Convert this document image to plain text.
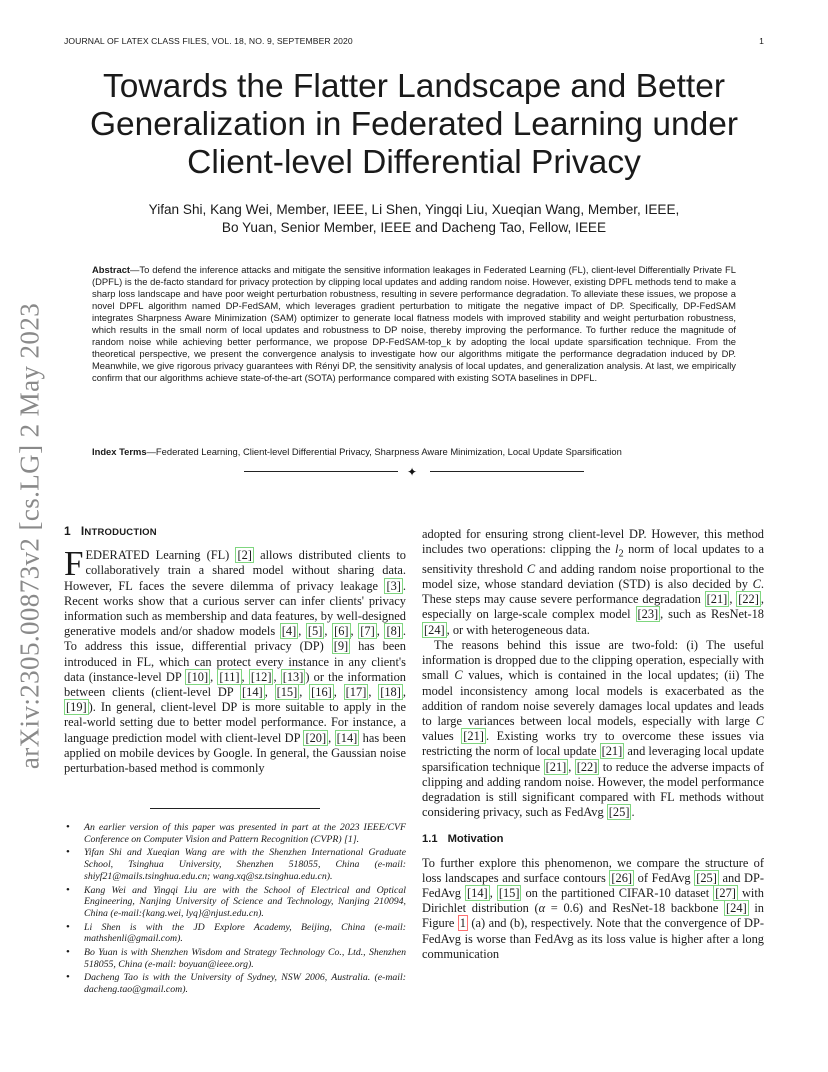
JOURNAL OF LATEX CLASS FILES, VOL. 18, NO. 9, SEPTEMBER 2020	1
arXiv:2305.00873v2 [cs.LG] 2 May 2023
Towards the Flatter Landscape and Better Generalization in Federated Learning under Client-level Differential Privacy
Yifan Shi, Kang Wei, Member, IEEE, Li Shen, Yingqi Liu, Xueqian Wang, Member, IEEE,
Bo Yuan, Senior Member, IEEE and Dacheng Tao, Fellow, IEEE
Abstract—To defend the inference attacks and mitigate the sensitive information leakages in Federated Learning (FL), client-level Differentially Private FL (DPFL) is the de-facto standard for privacy protection by clipping local updates and adding random noise. However, existing DPFL methods tend to make a sharp loss landscape and have poor weight perturbation robustness, resulting in severe performance degradation. To alleviate these issues, we propose a novel DPFL algorithm named DP-FedSAM, which leverages gradient perturbation to mitigate the negative impact of DP. Specifically, DP-FedSAM integrates Sharpness Aware Minimization (SAM) optimizer to generate local flatness models with improved stability and weight perturbation robustness, which results in the small norm of local updates and robustness to DP noise, thereby improving the performance. To further reduce the magnitude of random noise while achieving better performance, we propose DP-FedSAM-top_k by adopting the local update sparsification technique. From the theoretical perspective, we present the convergence analysis to investigate how our algorithms mitigate the performance degradation induced by DP. Meanwhile, we give rigorous privacy guarantees with Rényi DP, the sensitivity analysis of local updates, and generalization analysis. At last, we empirically confirm that our algorithms achieve state-of-the-art (SOTA) performance compared with existing SOTA baselines in DPFL.
Index Terms—Federated Learning, Client-level Differential Privacy, Sharpness Aware Minimization, Local Update Sparsification
✦
1 INTRODUCTION

FEDERATED Learning (FL) [2] allows distributed clients to collaboratively train a shared model without sharing data. However, FL faces the severe dilemma of privacy leakage [3] . Recent works show that a curious server can infer clients' privacy information such as membership and data features, by well-designed generative models and/or shadow models [4] , [5] , [6] , [7] , [8] . To address this issue, differential privacy (DP) [9] has been introduced in FL, which can protect every instance in any client's data (instance-level DP [10] , [11] , [12] , [13] ) or the information between clients (client-level DP [14] , [15] , [16] , [17] , [18] , [19] ). In general, client-level DP is more suitable to apply in the real-world setting due to better model performance. For instance, a language prediction model with client-level DP [20] , [14] has been applied on mobile devices by Google. In general, the Gaussian noise perturbation-based method is commonly

• An earlier version of this paper was presented in part at the 2023 IEEE/CVF Conference on Computer Vision and Pattern Recognition (CVPR) [1].
• Yifan Shi and Xueqian Wang are with the Shenzhen International Graduate School, Tsinghua University, Shenzhen 518055, China (e-mail: shiyf21@mails.tsinghua.edu.cn; wang.xq@sz.tsinghua.edu.cn).
• Kang Wei and Yingqi Liu are with the School of Electrical and Optical Engineering, Nanjing University of Science and Technology, Nanjing 210094, China (e-mail:{kang.wei, lyq}@njust.edu.cn).
• Li Shen is with the JD Explore Academy, Beijing, China (e-mail: mathshenli@gmail.com).
• Bo Yuan is with Shenzhen Wisdom and Strategy Technology Co., Ltd., Shenzhen 518055, China (e-mail: boyuan@ieee.org).
• Dacheng Tao is with the University of Sydney, NSW 2006, Australia. (e-mail: dacheng.tao@gmail.com).

adopted for ensuring strong client-level DP. However, this method includes two operations: clipping the $l_2$ norm of local updates to a sensitivity threshold C and adding random noise proportional to the model size, whose standard deviation (STD) is also decided by C. These steps may cause severe performance degradation [21] , [22] , especially on large-scale complex model [23] , such as ResNet-18 [24] , or with heterogeneous data.

The reasons behind this issue are two-fold: (i) The useful information is dropped due to the clipping operation, especially with small C values, which is contained in the local updates; (ii) The model inconsistency among local models is exacerbated as the addition of random noise severely damages local updates and leads to large variances between local models, especially with large C values [21] . Existing works try to overcome these issues via restricting the norm of local update [21] and leveraging local update sparsification technique [21] , [22] to reduce the adverse impacts of clipping and adding random noise. However, the model performance degradation is still significant compared with FL methods without considering privacy, such as FedAvg [25] .

1.1 Motivation

To further explore this phenomenon, we compare the structure of loss landscapes and surface contours [26] of FedAvg [25] and DP-FedAvg [14] , [15] on the partitioned CIFAR-10 dataset [27] with Dirichlet distribution (α = 0.6) and ResNet-18 backbone [24] in Figure 1 (a) and (b), respectively. Note that the convergence of DP-FedAvg is worse than FedAvg as its loss value is higher after a long communication
